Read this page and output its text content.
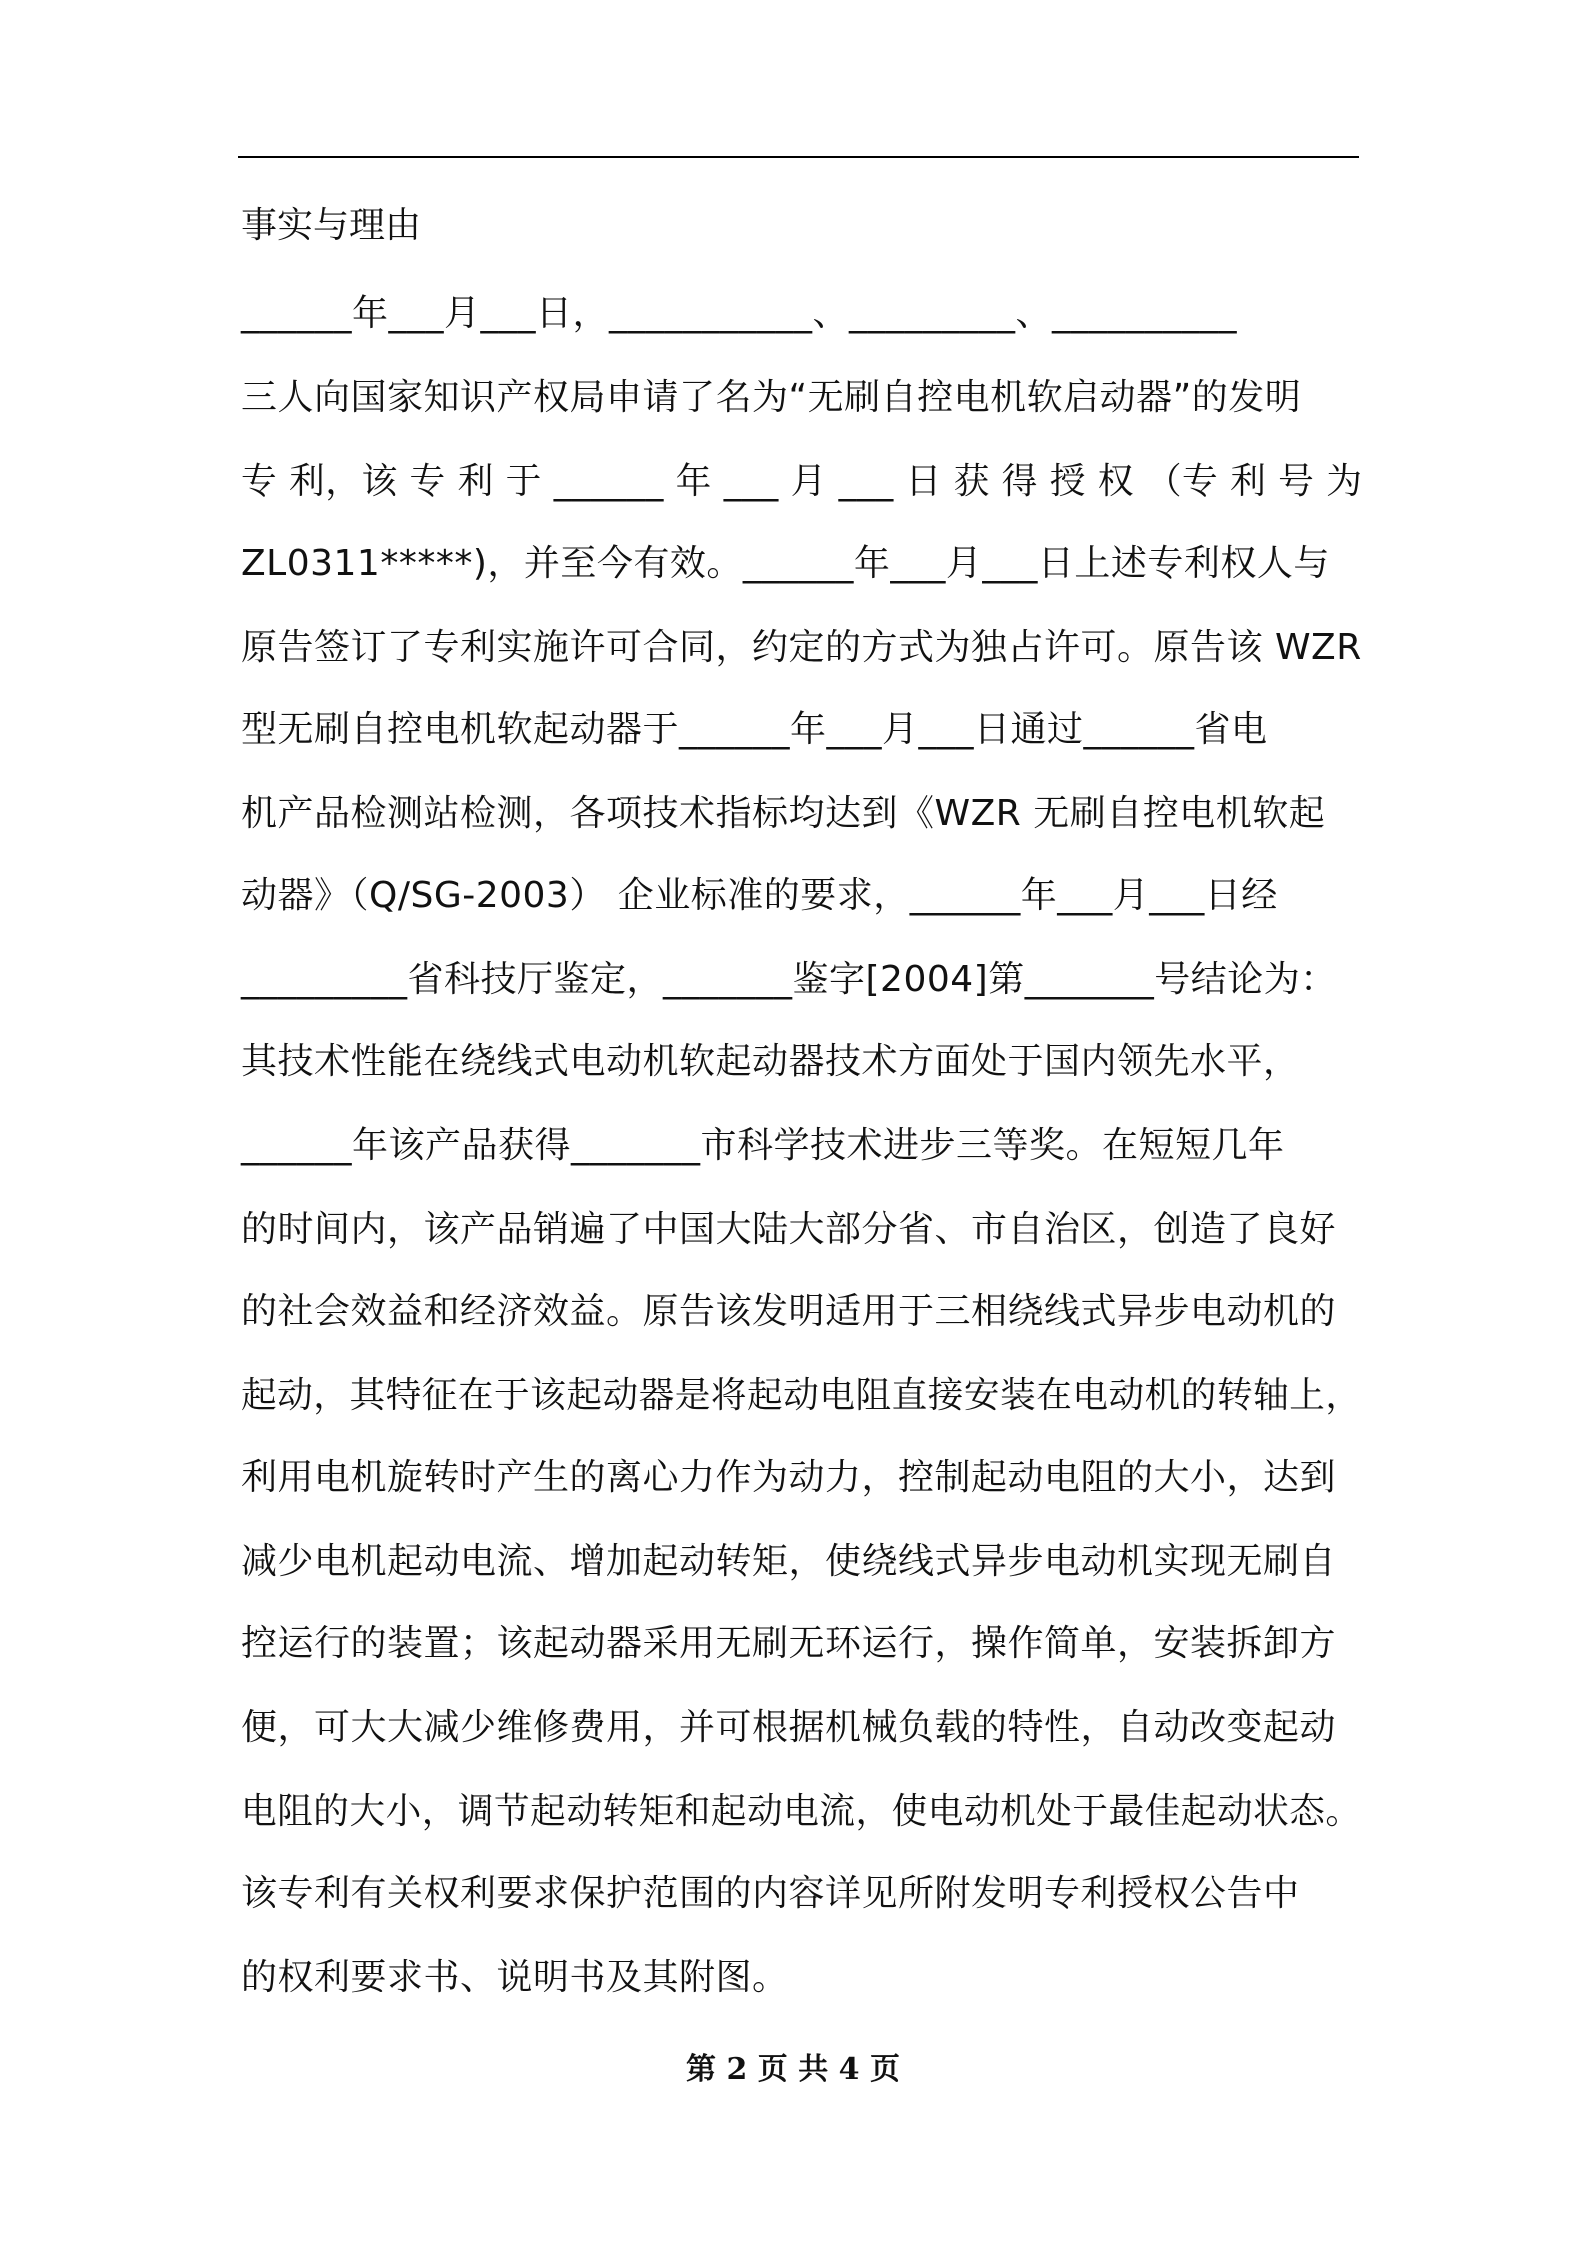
事实与理由
______年___月___日，___________、_________、__________
三人向国家知识产权局申请了名为“无刷自控电机软启动器”的发明
专 利，该 专 利 于 ______ 年 ___ 月 ___ 日 获 得 授 权 （专 利 号 为
ZL0311*****)，并至今有效。______年___月___日上述专利权人与
原告签订了专利实施许可合同，约定的方式为独占许可。原告该 WZR
型无刷自控电机软起动器于______年___月___日通过______省电
机产品检测站检测，各项技术指标均达到《WZR 无刷自控电机软起
动器》（Q/SG-2003） 企业标准的要求，______年___月___日经
_________省科技厅鉴定，_______鉴字[2004]第_______号结论为：
其技术性能在绕线式电动机软起动器技术方面处于国内领先水平，
______年该产品获得_______市科学技术进步三等奖。在短短几年
的时间内，该产品销遍了中国大陆大部分省、市自治区，创造了良好
的社会效益和经济效益。原告该发明适用于三相绕线式异步电动机的
起动，其特征在于该起动器是将起动电阻直接安装在电动机的转轴上，
利用电机旋转时产生的离心力作为动力，控制起动电阻的大小，达到
减少电机起动电流、增加起动转矩，使绕线式异步电动机实现无刷自
控运行的装置；该起动器采用无刷无环运行，操作简单，安装拆卸方
便，可大大减少维修费用，并可根据机械负载的特性，自动改变起动
电阻的大小，调节起动转矩和起动电流，使电动机处于最佳起动状态。
该专利有关权利要求保护范围的内容详见所附发明专利授权公告中
的权利要求书、说明书及其附图。
第 2 页 共 4 页
